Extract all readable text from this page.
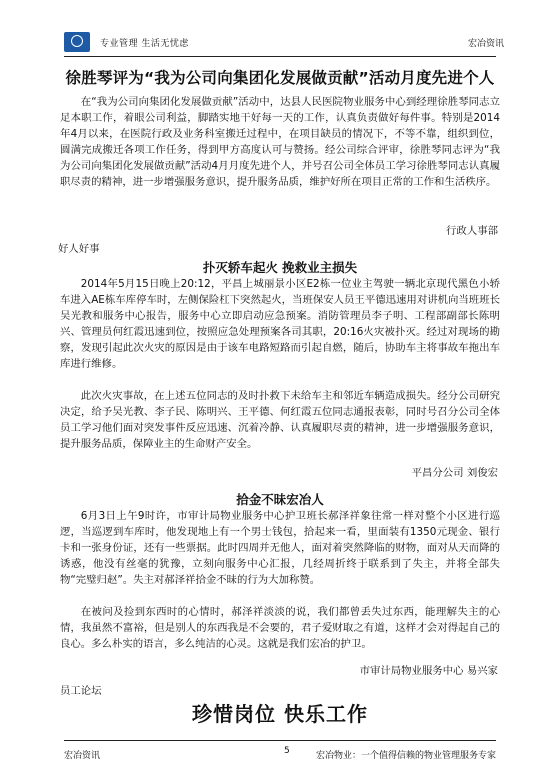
专业管理 生活无忧虑	宏冶资讯
徐胜琴评为“我为公司向集团化发展做贡献”活动月度先进个人

在“我为公司向集团化发展做贡献”活动中，达县人民医院物业服务中心到经理徐胜琴同志立足本职工作，着眼公司利益，脚踏实地干好每一天的工作，认真负责做好每件事。特别是2014年4月以来，在医院行政及业务科室搬迁过程中，在项目缺员的情况下，不等不靠，组织到位，圆满完成搬迁各项工作任务，得到甲方高度认可与赞扬。经公司综合评审，徐胜琴同志评为“我为公司向集团化发展做贡献”活动4月月度先进个人，并号召公司全体员工学习徐胜琴同志认真履职尽责的精神，进一步增强服务意识，提升服务品质，维护好所在项目正常的工作和生活秩序。

行政人事部
好人好事
扑灭轿车起火 挽救业主损失

2014年5月15日晚上20:12，平昌上城丽景小区E2栋一位业主驾驶一辆北京现代黑色小轿车进入AE栋车库停车时，左侧保险杠下突然起火，当班保安人员王平德迅速用对讲机向当班班长吴光教和服务中心报告，服务中心立即启动应急预案。消防管理员李子明、工程部副部长陈明兴、管理员何红霞迅速到位，按照应急处理预案各司其职，20:16火灾被扑灭。经过对现场的勘察，发现引起此次火灾的原因是由于该车电路短路而引起自燃，随后，协助车主将事故车拖出车库进行维修。

此次火灾事故，在上述五位同志的及时扑救下未给车主和邻近车辆造成损失。经分公司研究决定，给予吴光教、李子民、陈明兴、王平德、何红霞五位同志通报表彰，同时号召分公司全体员工学习他们面对突发事件反应迅速、沉着冷静、认真履职尽责的精神，进一步增强服务意识，提升服务品质，保障业主的生命财产安全。

平昌分公司 刘俊宏
拾金不昧宏冶人

6月3日上午9时许，市审计局物业服务中心护卫班长郝泽祥象往常一样对整个小区进行巡逻，当巡逻到车库时，他发现地上有一个男士钱包，拾起来一看，里面装有1350元现金、银行卡和一张身份证，还有一些票据。此时四周并无他人，面对着突然降临的财物，面对从天而降的诱惑，他没有丝毫的犹豫，立刻向服务中心汇报，几经周折终于联系到了失主，并将全部失物“完璧归赵”。失主对郝泽祥拾金不昧的行为大加称赞。

在被问及捡到东西时的心情时，郝泽祥淡淡的说，我们都曾丢失过东西，能理解失主的心情，我虽然不富裕，但是别人的东西我是不会要的，君子爱财取之有道，这样才会对得起自己的良心。多么朴实的语言，多么纯洁的心灵。这就是我们宏冶的护卫。

市审计局物业服务中心 易兴家
员工论坛
珍惜岗位 快乐工作
宏冶资讯	5	宏冶物业：一个值得信赖的物业管理服务专家
